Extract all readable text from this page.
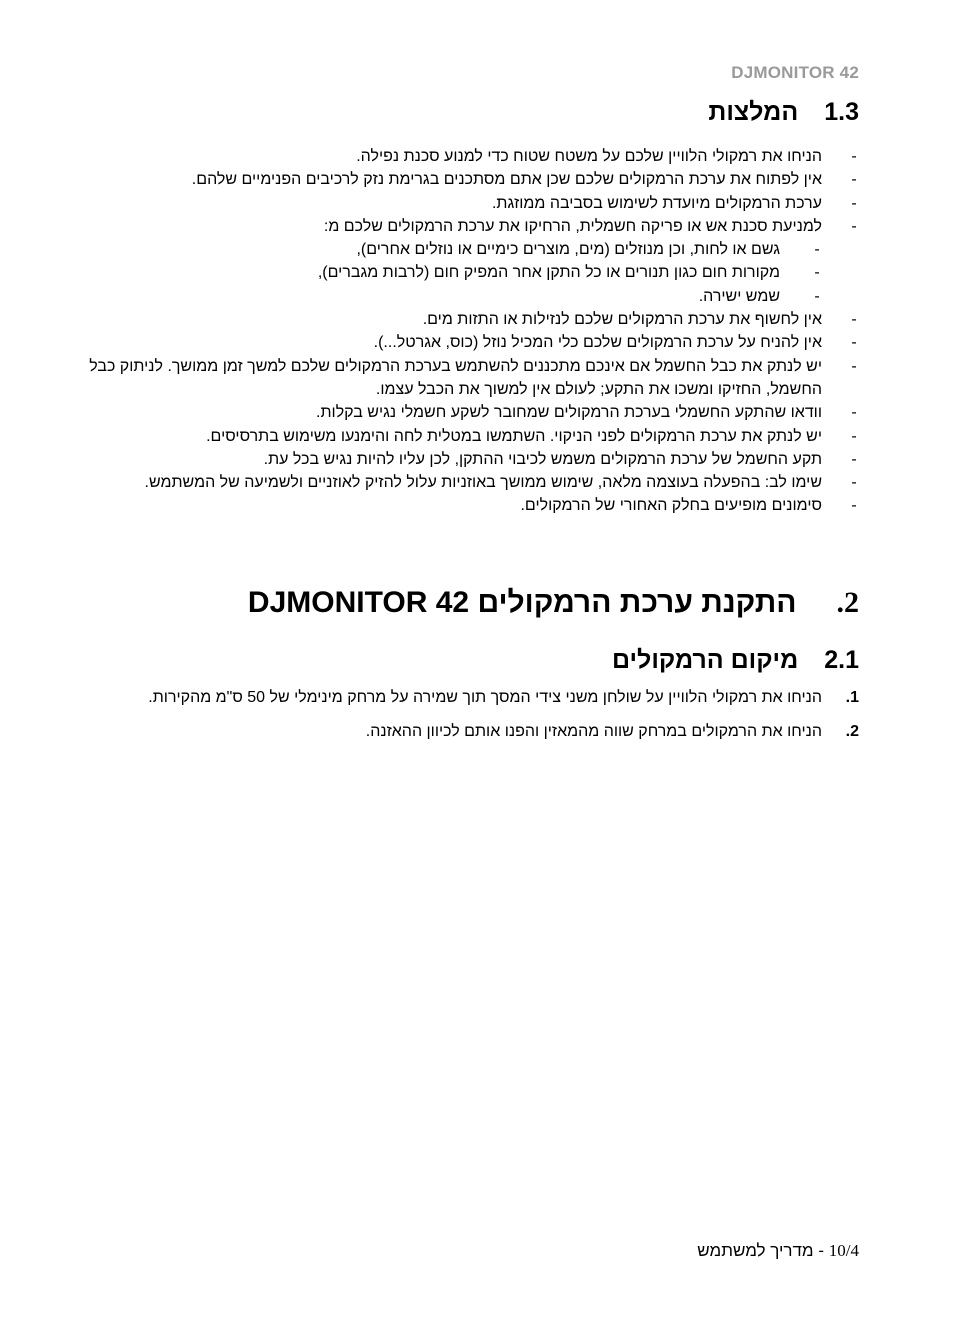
DJMONITOR 42
1.3המלצות
-
הניחו את רמקולי הלוויין שלכם על משטח שטוח כדי למנוע סכנת נפילה.
-
אין לפתוח את ערכת הרמקולים שלכם שכן אתם מסתכנים בגרימת נזק לרכיבים הפנימיים שלהם.
-
ערכת הרמקולים מיועדת לשימוש בסביבה ממוזגת.
-
למניעת סכנת אש או פריקה חשמלית, הרחיקו את ערכת הרמקולים שלכם מ:
-
גשם או לחות, וכן מנוזלים (מים, מוצרים כימיים או נוזלים אחרים),
-
מקורות חום כגון תנורים או כל התקן אחר המפיק חום (לרבות מגברים),
-
שמש ישירה.
-
אין לחשוף את ערכת הרמקולים שלכם לנזילות או התזות מים.
-
אין להניח על ערכת הרמקולים שלכם כלי המכיל נוזל (כוס, אגרטל...).
-
יש לנתק את כבל החשמל אם אינכם מתכננים להשתמש בערכת הרמקולים שלכם למשך זמן ממושך. לניתוק כבל החשמל, החזיקו ומשכו את התקע; לעולם אין למשוך את הכבל עצמו.
-
וודאו שהתקע החשמלי בערכת הרמקולים שמחובר לשקע חשמלי נגיש בקלות.
-
יש לנתק את ערכת הרמקולים לפני הניקוי. השתמשו במטלית לחה והימנעו משימוש בתרסיסים.
-
תקע החשמל של ערכת הרמקולים משמש לכיבוי ההתקן, לכן עליו להיות נגיש בכל עת.
-
שימו לב: בהפעלה בעוצמה מלאה, שימוש ממושך באוזניות עלול להזיק לאוזניים ולשמיעה של המשתמש.
-
סימונים מופיעים בחלק האחורי של הרמקולים.
.2התקנת ערכת הרמקולים DJMONITOR 42
2.1מיקום הרמקולים
.1
הניחו את רמקולי הלוויין על שולחן משני צידי המסך תוך שמירה על מרחק מינימלי של 50 ס"מ מהקירות.
.2
הניחו את הרמקולים במרחק שווה מהמאזין והפנו אותם לכיוון ההאזנה.
10/4 - מדריך למשתמש
